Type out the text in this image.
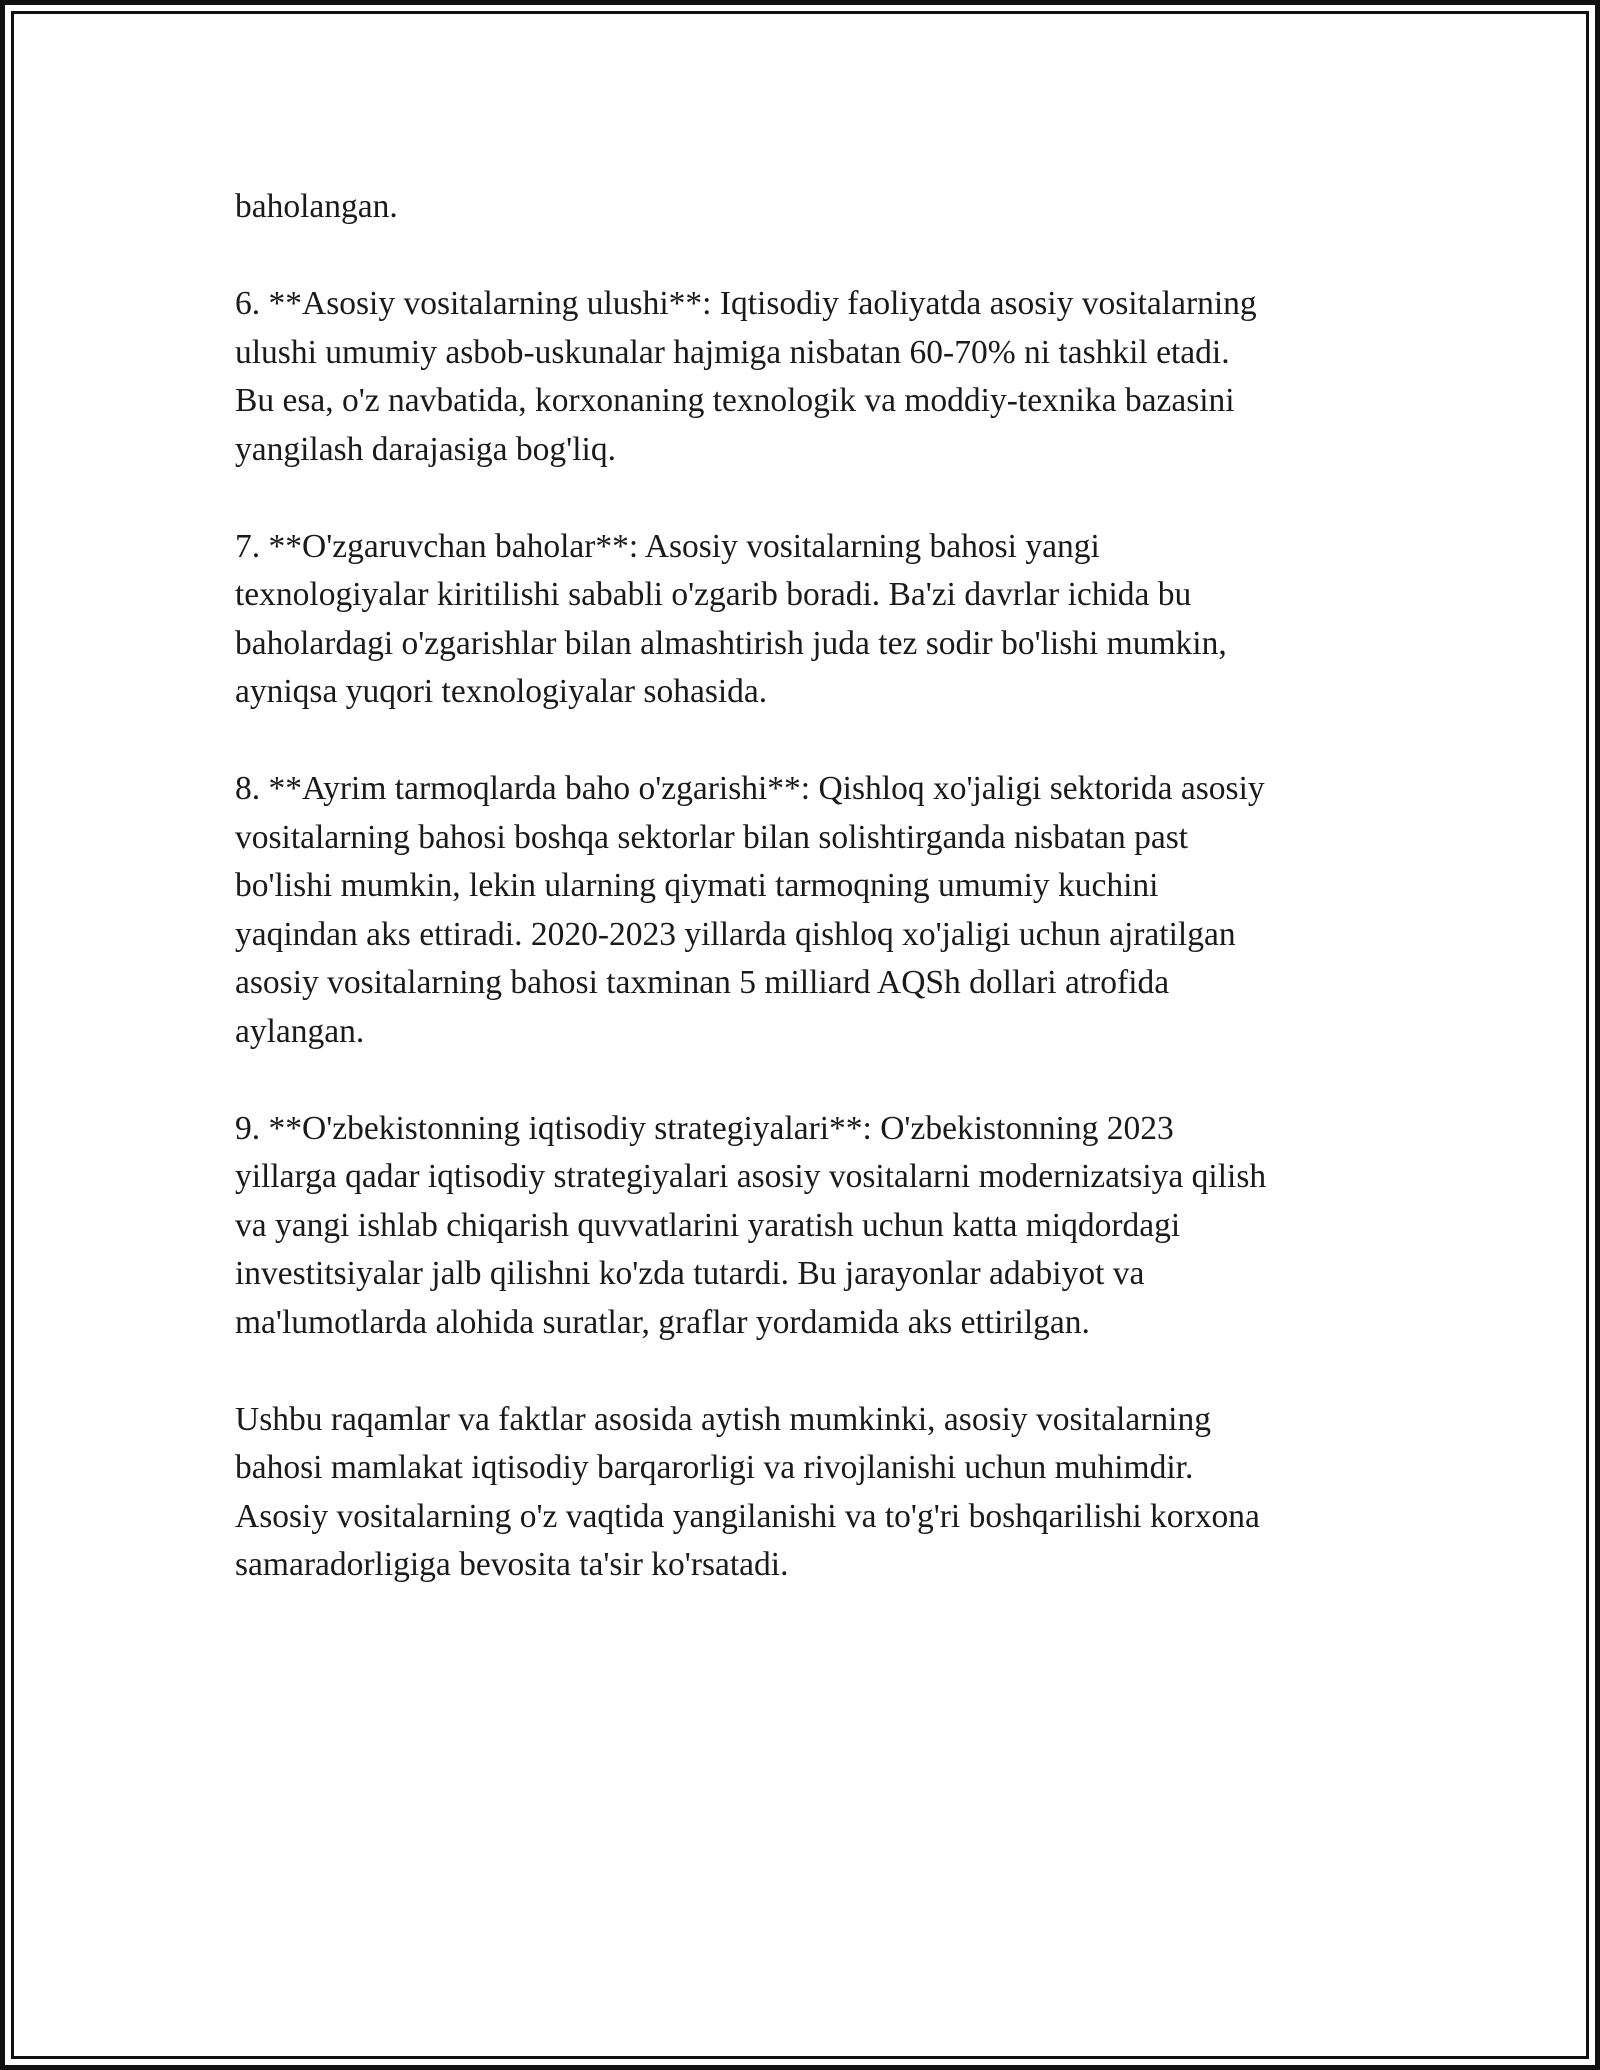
baholangan.

6. **Asosiy vositalarning ulushi**: Iqtisodiy faoliyatda asosiy vositalarning
ulushi umumiy asbob-uskunalar hajmiga nisbatan 60-70% ni tashkil etadi.
Bu esa, o'z navbatida, korxonaning texnologik va moddiy-texnika bazasini
yangilash darajasiga bog'liq.

7. **O'zgaruvchan baholar**: Asosiy vositalarning bahosi yangi
texnologiyalar kiritilishi sababli o'zgarib boradi. Ba'zi davrlar ichida bu
baholardagi o'zgarishlar bilan almashtirish juda tez sodir bo'lishi mumkin,
ayniqsa yuqori texnologiyalar sohasida.

8. **Ayrim tarmoqlarda baho o'zgarishi**: Qishloq xo'jaligi sektorida asosiy
vositalarning bahosi boshqa sektorlar bilan solishtirganda nisbatan past
bo'lishi mumkin, lekin ularning qiymati tarmoqning umumiy kuchini
yaqindan aks ettiradi. 2020-2023 yillarda qishloq xo'jaligi uchun ajratilgan
asosiy vositalarning bahosi taxminan 5 milliard AQSh dollari atrofida
aylangan.

9. **O'zbekistonning iqtisodiy strategiyalari**: O'zbekistonning 2023
yillarga qadar iqtisodiy strategiyalari asosiy vositalarni modernizatsiya qilish
va yangi ishlab chiqarish quvvatlarini yaratish uchun katta miqdordagi
investitsiyalar jalb qilishni ko'zda tutardi. Bu jarayonlar adabiyot va
ma'lumotlarda alohida suratlar, graflar yordamida aks ettirilgan.

Ushbu raqamlar va faktlar asosida aytish mumkinki, asosiy vositalarning
bahosi mamlakat iqtisodiy barqarorligi va rivojlanishi uchun muhimdir.
Asosiy vositalarning o'z vaqtida yangilanishi va to'g'ri boshqarilishi korxona
samaradorligiga bevosita ta'sir ko'rsatadi.
